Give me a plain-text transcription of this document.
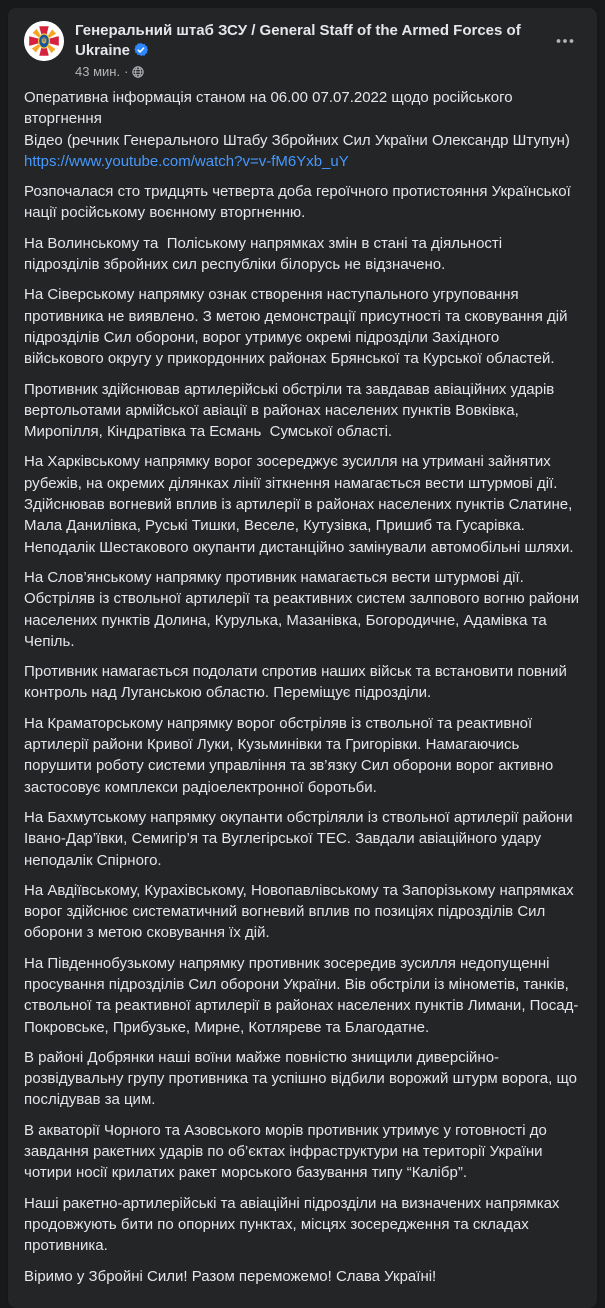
Генеральний штаб ЗСУ / General Staff of the Armed Forces of Ukraine
43 мин. ·

Оперативна інформація станом на 06.00 07.07.2022 щодо російського вторгнення
Відео (речник Генерального Штабу Збройних Сил України Олександр Штупун)
https://www.youtube.com/watch?v=v-fM6Yxb_uY

Розпочалася сто тридцять четверта доба героїчного протистояння Української нації російському воєнному вторгненню.

На Волинському та  Поліському напрямках змін в стані та діяльності підрозділів збройних сил республіки білорусь не відзначено.

На Сіверському напрямку ознак створення наступального угруповання противника не виявлено. З метою демонстрації присутності та сковування дій підрозділів Сил оборони, ворог утримує окремі підрозділи Західного військового округу у прикордонних районах Брянської та Курської областей.

Противник здійснював артилерійські обстріли та завдавав авіаційних ударів вертольотами армійської авіації в районах населених пунктів Вовківка, Миропілля, Кіндратівка та Есмань  Сумської області.

На Харківському напрямку ворог зосереджує зусилля на утримані зайнятих рубежів, на окремих ділянках лінії зіткнення намагається вести штурмові дії. Здійснював вогневий вплив із артилерії в районах населених пунктів Слатине, Мала Данилівка, Руські Тишки, Веселе, Кутузівка, Пришиб та Гусарівка. Неподалік Шестакового окупанти дистанційно замінували автомобільні шляхи.

На Слов’янському напрямку противник намагається вести штурмові дії. Обстріляв із ствольної артилерії та реактивних систем залпового вогню райони населених пунктів Долина, Курулька, Мазанівка, Богородичне, Адамівка та Чепіль.

Противник намагається подолати спротив наших військ та встановити повний контроль над Луганською областю. Переміщує підрозділи.

На Краматорському напрямку ворог обстріляв із ствольної та реактивної артилерії райони Кривої Луки, Кузьминівки та Григорівки. Намагаючись порушити роботу системи управління та зв’язку Сил оборони ворог активно застосовує комплекси радіоелектронної боротьби.

На Бахмутському напрямку окупанти обстріляли із ствольної артилерії райони Івано-Дар’ївки, Семигір’я та Вуглегірської ТЕС. Завдали авіаційного удару неподалік Спірного.

На Авдіївському, Курахівському, Новопавлівському та Запорізькому напрямках ворог здійснює систематичний вогневий вплив по позиціях підрозділів Сил оборони з метою сковування їх дій.

На Південнобузькому напрямку противник зосередив зусилля недопущенні просування підрозділів Сил оборони України. Вів обстріли із мінометів, танків, ствольної та реактивної артилерії в районах населених пунктів Лимани, Посад-Покровське, Прибузьке, Мирне, Котляреве та Благодатне.

В районі Добрянки наші воїни майже повністю знищили диверсійно-розвідувальну групу противника та успішно відбили ворожий штурм ворога, що послідував за цим.

В акваторії Чорного та Азовського морів противник утримує у готовності до завдання ракетних ударів по об’єктах інфраструктури на території України чотири носії крилатих ракет морського базування типу “Калібр”.

Наші ракетно-артилерійські та авіаційні підрозділи на визначених напрямках продовжують бити по опорних пунктах, місцях зосередження та складах противника.

Віримо у Збройні Сили! Разом переможемо! Слава Україні!
